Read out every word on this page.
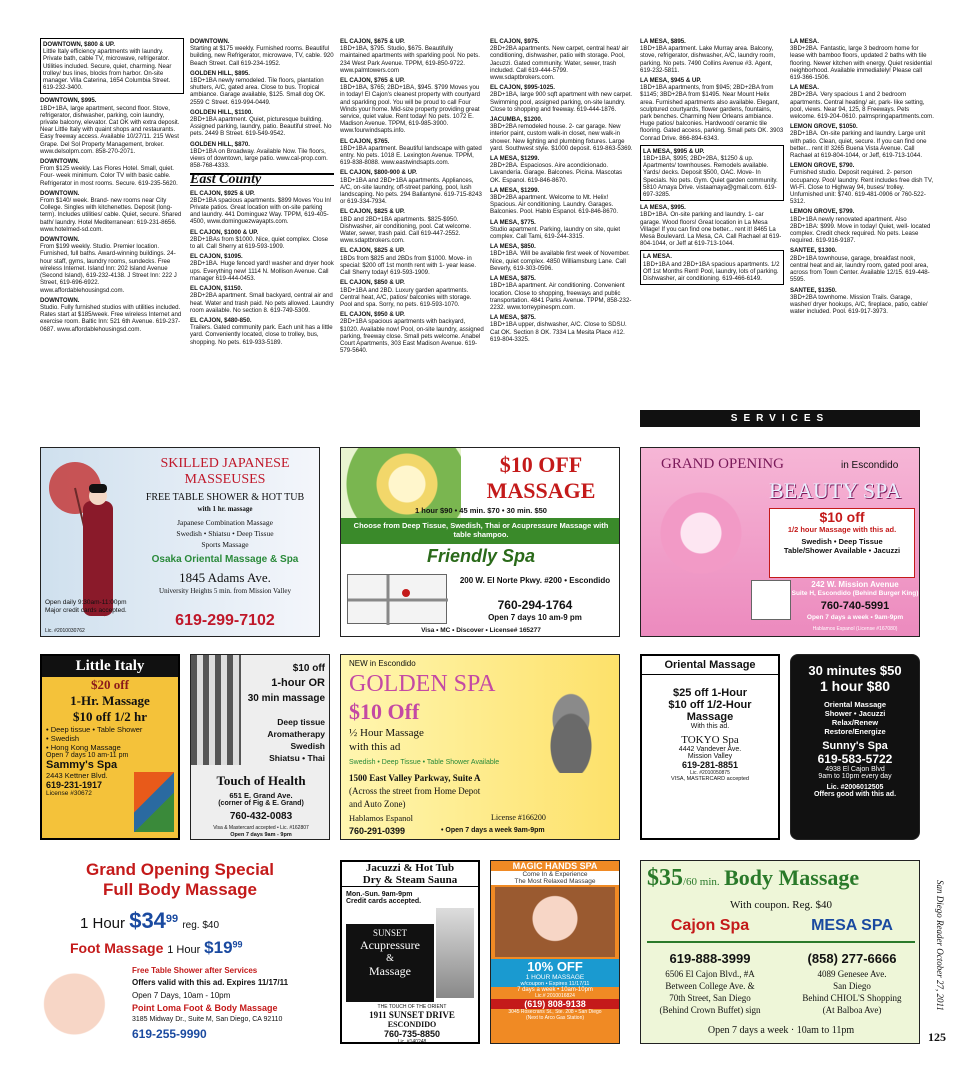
DOWNTOWN, $800 & UP.
Little Italy efficiency apartments with laundry. Private bath, cable TV, microwave, refrigerator. Utilities included. Secure, quiet, charming. Near trolley/ bus lines, blocks from harbor. On-site manager. Villa Caterina, 1654 Columbia Street. 619-232-3400.
DOWNTOWN, $995.
1BD+1BA, large apartment, second floor. Stove, refrigerator, dishwasher, parking, coin laundry, private balcony, elevator. Cat OK with extra deposit. Near Little Italy with quaint shops and restaurants. Easy freeway access. Available 10/27/11. 215 West Grape. Del Sol Property Management, broker. www.delsolpm.com. 858-270-2071.
DOWNTOWN.
From $125 weekly. Las Flores Hotel. Small, quiet. Four- week minimum. Color TV with basic cable. Refrigerator in most rooms. Secure. 619-235-5620.
DOWNTOWN.
From $140/ week. Brand- new rooms near City College. Singles with kitchenettes. Deposit (long-term). Includes utilities/ cable. Quiet, secure. Shared bath/ laundry. Hotel Mediterranean: 619-231-8656. www.hotelmed-sd.com.
DOWNTOWN.
From $199 weekly. Studio. Premier location. Furnished, full baths. Award-winning buildings. 24- hour staff, gyms, laundry rooms, sundecks. Free wireless Internet. Island Inn: 202 Island Avenue (Second Island), 619-232-4138. J Street Inn: 222 J Street, 619-696-6922. www.affordablehousingsd.com.
DOWNTOWN.
Studio. Fully furnished studios with utilities included. Rates start at $185/week. Free wireless Internet and exercise room. Baltic Inn: 521 6th Avenue. 619-237-0687. www.affordablehousingsd.com.
DOWNTOWN.
Starting at $175 weekly. Furnished rooms. Beautiful building, new Refrigerator, microwave, TV, cable. 920 Beach Street. Call 619-234-1952.
GOLDEN HILL, $895.
1BD+1BA newly remodeled. Tile floors, plantation shutters, A/C, gated area. Close to bus. Tropical ambiance. Garage available, $125. Small dog OK. 2559 C Street. 619-994-0449.
GOLDEN HILL, $1100.
2BD+1BA apartment. Quiet, picturesque building. Assigned parking, laundry, patio. Beautiful street. No pets. 2449 B Street. 619-549-9542.
GOLDEN HILL, $870.
1BD+1BA on Broadway. Available Now. Tile floors, views of downtown, large patio. www.cal-prop.com. 858-768-4333.
East County
EL CAJON, $925 & UP.
2BD+1BA spacious apartments. $899 Moves You In! Private patios. Great location with on-site parking and laundry. 441 Dominguez Way. TPPM, 619-405-4500, www.dominguezwayapts.com.
EL CAJON, $1000 & UP.
2BD+1BAs from $1000. Nice, quiet complex. Close to all. Call Sherry at 619-593-1909.
EL CAJON, $1095.
2BD+1BA. Huge fenced yard! washer and dryer hook ups. Everything new! 1114 N. Mollison Avenue. Call manager 619-444-0453.
EL CAJON, $1150.
2BD+2BA apartment. Small backyard, central air and heat. Water and trash paid. No pets allowed. Laundry room available. No section 8. 619-749-5309.
EL CAJON, $480-850.
Trailers. Gated community park. Each unit has a little yard. Conveniently located, close to trolley, bus, shopping. No pets. 619-933-5189.
EL CAJON, $675 & UP.
1BD+1BA, $795. Studio, $675. Beautifully maintained apartments with sparkling pool. No pets. 234 West Park Avenue. TPPM, 619-850-9722. www.palmtowers.com
EL CAJON, $765 & UP.
1BD+1BA, $765; 2BD+1BA, $945. $799 Moves you in today! El Cajon's cleanest property with courtyard and sparkling pool. You will be proud to call Four Winds your home. Mid-size property providing great service, quiet value. Rent today! No pets. 1072 E. Madison Avenue. TPPM, 619-985-3900. www.fourwindsapts.info.
EL CAJON, $765.
1BD+1BA apartment. Beautiful landscape with gated entry. No pets. 1018 E. Lexington Avenue. TPPM, 619-838-8088. www.eastwindsapts.com.
EL CAJON, $800-900 & UP.
1BD+1BA and 2BD+1BA apartments. Appliances, A/C, on-site laundry, off-street parking, pool, lush landscaping. No pets. 294 Ballantyne. 619-715-8243 or 619-334-7934.
EL CAJON, $825 & UP.
1BD and 2BD+1BA apartments. $825-$950. Dishwasher, air conditioning, pool. Cat welcome. Water, sewer, trash paid. Call 619-447-2552. www.sdaptbrokers.com.
EL CAJON, $825 & UP.
1BDs from $825 and 2BDs from $1000. Move- in special: $200 off 1st month rent with 1- year lease. Call Sherry today! 619-593-1909.
EL CAJON, $850 & UP.
1BD+1BA and 2BD. Luxury garden apartments. Central heat, A/C, patios/ balconies with storage. Pool and spa. Sorry, no pets. 619-593-1070.
EL CAJON, $950 & UP.
2BD+1BA spacious apartments with backyard, $1020. Available now! Pool, on-site laundry, assigned parking, freeway close. Small pets welcome. Anabel Court Apartments, 303 East Madison Avenue. 619-579-5640.
EL CAJON, $975.
2BD+2BA apartments. New carpet, central heat/ air conditioning, dishwasher, patio with storage. Pool, Jacuzzi. Gated community. Water, sewer, trash included. Call 619-444-5799. www.sdaptbrokers.com.
EL CAJON, $995-1025.
2BD+1BA, large 900 sqft apartment with new carpet. Swimming pool, assigned parking, on-site laundry. Close to shopping and freeway. 619-444-1876.
JACUMBA, $1200.
3BD+2BA remodeled house. 2- car garage. New interior paint, custom walk-in closet, new walk-in shower. New lighting and plumbing fixtures. Large yard. Southwest style. $1000 deposit. 619-863-5369.
LA MESA, $1299.
2BD+2BA. Espaciosos. Aire acondicionado. Lavandería. Garage. Balcones. Picina. Mascotas OK. Espanol. 619-846-8670.
LA MESA, $1299.
3BD+2BA apartment. Welcome to Mt. Helix! Spacious. Air conditioning. Laundry. Garages. Balconies. Pool. Hablo Espanol. 619-846-8670.
LA MESA, $775.
Studio apartment. Parking, laundry on site, quiet complex. Call Tami, 619-244-3315.
LA MESA, $850.
1BD+1BA. Will be available first week of November. Nice, quiet complex. 4850 Williamsburg Lane. Call Beverly, 619-303-0596.
LA MESA, $875.
1BD+1BA apartment. Air conditioning. Convenient location. Close to shopping, freeways and public transportation. 4841 Parks Avenue. TPPM, 858-232-2232. www.torreypinespm.com.
LA MESA, $875.
1BD+1BA upper, dishwasher, A/C. Close to SDSU. Cat OK. Section 8 OK. 7334 La Mesita Place #12. 619-804-3325.
LA MESA, $895.
1BD+1BA apartment. Lake Murray area. Balcony, stove, refrigerator, dishwasher, A/C, laundry room, parking. No pets. 7490 Collins Avenue #3. Agent, 619-232-5811.
LA MESA, $945 & UP.
1BD+1BA apartments, from $945; 2BD+2BA from $1145; 3BD+2BA from $1495. Near Mount Helix area. Furnished apartments also available. Elegant, sculptured courtyards, flower gardens, fountains, park benches. Charming New Orleans ambiance. Huge patios/ balconies. Hardwood/ ceramic tile flooring. Gated access, parking. Small pets OK. 3903 Conrad Drive. 866-894-6343.
LA MESA, $995 & UP.
1BD+1BA, $995; 2BD+2BA, $1250 & up. Apartments/ townhouses. Remodels available. Yards/ decks. Deposit $500, OAC. Move- In Specials. No pets. Gym. Quiet garden community. 5810 Amaya Drive. vistaamaya@gmail.com. 619-697-3285.
LA MESA, $995.
1BD+1BA. On-site parking and laundry. 1- car garage. Wood floors! Great location in La Mesa Village! If you can find one better... rent it! 8465 La Mesa Boulevard. La Mesa, CA. Call Rachael at 619-804-1044, or Jeff at 619-713-1044.
LA MESA.
1BD+1BA and 2BD+1BA spacious apartments. 1/2 Off 1st Months Rent! Pool, laundry, lots of parking. Dishwasher, air conditioning. 619-466-6149.
LA MESA.
3BD+2BA. Fantastic, large 3 bedroom home for lease with bamboo floors, updated 2 baths with tile flooring. Newer kitchen with energy. Quiet residential neighborhood. Available immediately! Please call 619-366-1506.
LA MESA.
2BD+2BA. Very spacious 1 and 2 bedroom apartments. Central heating/ air, park- like setting, pool, views. Near 94, 125, 8 Freeways. Pets welcome. 619-204-0610. palmspringapartments.com.
LEMON GROVE, $1050.
2BD+1BA. On-site parking and laundry. Large unit with patio. Clean, quiet, secure. If you can find one better... rent it! 3265 Buena Vista Avenue. Call Rachael at 619-804-1044, or Jeff, 619-713-1044.
LEMON GROVE, $790.
Furnished studio. Deposit required. 2- person occupancy. Pool/ laundry. Rent includes free dish TV, Wi-Fi. Close to Highway 94, buses/ trolley. Unfurnished unit: $740. 619-481-0906 or 760-522-5312.
LEMON GROVE, $799.
1BD+1BA newly renovated apartment. Also 2BD+1BA: $999. Move in today! Quiet, well- located complex. Credit check required. No pets. Lease required. 619-916-9187.
SANTEE, $1300.
2BD+1BA townhouse, garage, breakfast nook, central heat and air, laundry room, gated pool area, across from Town Center. Available 12/15. 619-448-5595.
SANTEE, $1350.
3BD+2BA townhome. Mission Trails. Garage, washer/ dryer hookups, A/C, fireplace, patio, cable/ water included. Pool. 619-917-3973.
SERVICES
SKILLED JAPANESE
MASSEUSES
FREE TABLE SHOWER & HOT TUB
with 1 hr. massage
Japanese Combination Massage
Swedish • Shiatsu • Deep Tissue
Sports Massage
Osaka Oriental Massage & Spa
1845 Adams Ave.
University Heights 5 min. from Mission Valley
Open daily 9:30am-11:00pm
Major credit cards accepted.
Lic. #2010030762
619-299-7102
$10 OFF
MASSAGE
1 hour $90 • 45 min. $70 • 30 min. $50
Choose from Deep Tissue, Swedish, Thai or Acupressure Massage with table shampoo.
Friendly Spa
200 W. El Norte Pkwy. #200 • Escondido
760-294-1764
Open 7 days 10 am-9 pm
Visa • MC • Discover • License# 165277
GRAND OPENING	in Escondido
BEAUTY SPA
$10 off
1/2 hour Massage with this ad.
Swedish • Deep Tissue
Table/Shower Available • Jacuzzi
242 W. Mission Avenue
Suite H, Escondido (Behind Burger King)
760-740-5991
Open 7 days a week • 9am-9pm
Hablamos Espanol (License #167080)
Little Italy
$20 off
1-Hr. Massage
$10 off 1/2 hr
• Deep tissue • Table Shower
• Swedish
• Hong Kong Massage
Open 7 days 10 am-11 pm
Sammy's Spa
2443 Kettner Blvd.
619-231-1917
License #30672
$10 off
1-hour OR
30 min massage
Deep tissue
Aromatherapy
Swedish
Shiatsu • Thai
Touch of Health
651 E. Grand Ave.
(corner of Fig & E. Grand)
760-432-0083
Visa & Mastercard accepted • Lic. #162807
Open 7 days 9am - 9pm
NEW in Escondido
GOLDEN SPA
$10 Off
½ Hour Massage
with this ad
Swedish • Deep Tissue • Table Shower Available
1500 East Valley Parkway, Suite A
(Across the street from Home Depot
and Auto Zone)
Hablamos Espanol	License #166200
760-291-0399	• Open 7 days a week 9am-9pm
Oriental Massage
$25 off 1-Hour
$10 off 1/2-Hour
Massage
With this ad.
TOKYO Spa
4442 Vandever Ave.
Mission Valley
619-281-8851
Lic. #2010050875
VISA, MASTERCARD accepted
30 minutes $50
1 hour $80
Oriental Massage
Shower • Jacuzzi
Relax/Renew
Restore/Energize
Sunny's Spa
619-583-5722
4938 El Cajon Blvd
9am to 10pm every day
Lic. #2006012505
Offers good with this ad.
Grand Opening Special
Full Body Massage
1 Hour $\$34^{99}$ reg. $40
Foot Massage 1 Hour $\$19^{99}$
Free Table Shower after Services
Offers valid with this ad. Expires 11/17/11
Open 7 Days, 10am - 10pm
Point Loma Foot & Body Massage
3185 Midway Dr., Suite M, San Diego, CA 92110
619-255-9990
Jacuzzi & Hot Tub
Dry & Steam Sauna
Mon.-Sun. 9am-9pm
Credit cards accepted.
SUNSET
Acupressure
&
Massage
THE TOUCH OF THE ORIENT
1911 SUNSET DRIVE
ESCONDIDO
760-735-8850
Lic. #140248
MAGIC HANDS SPA
Come In & Experience
The Most Relaxed Massage
10% OFF
1 HOUR MASSAGE
w/coupon • Expires 11/17/11
7 days a week • 10am-10pm
Lic.# 2010016824
(619) 808-9138
3045 Rosecrans St., Ste. 208 • San Diego
(Next to Arco Gas Station)
$35/60 min. Body Massage
With coupon. Reg. $40
Cajon Spa	MESA SPA
619-888-3999	(858) 277-6666
6506 El Cajon Blvd., #A
Between College Ave. &
70th Street, San Diego
(Behind Crown Buffet) sign
4089 Genesee Ave.
San Diego
Behind CHIOL'S Shopping
(At Balboa Ave)
Open 7 days a week · 10am to 11pm
San Diego Reader October 27, 2011
125
